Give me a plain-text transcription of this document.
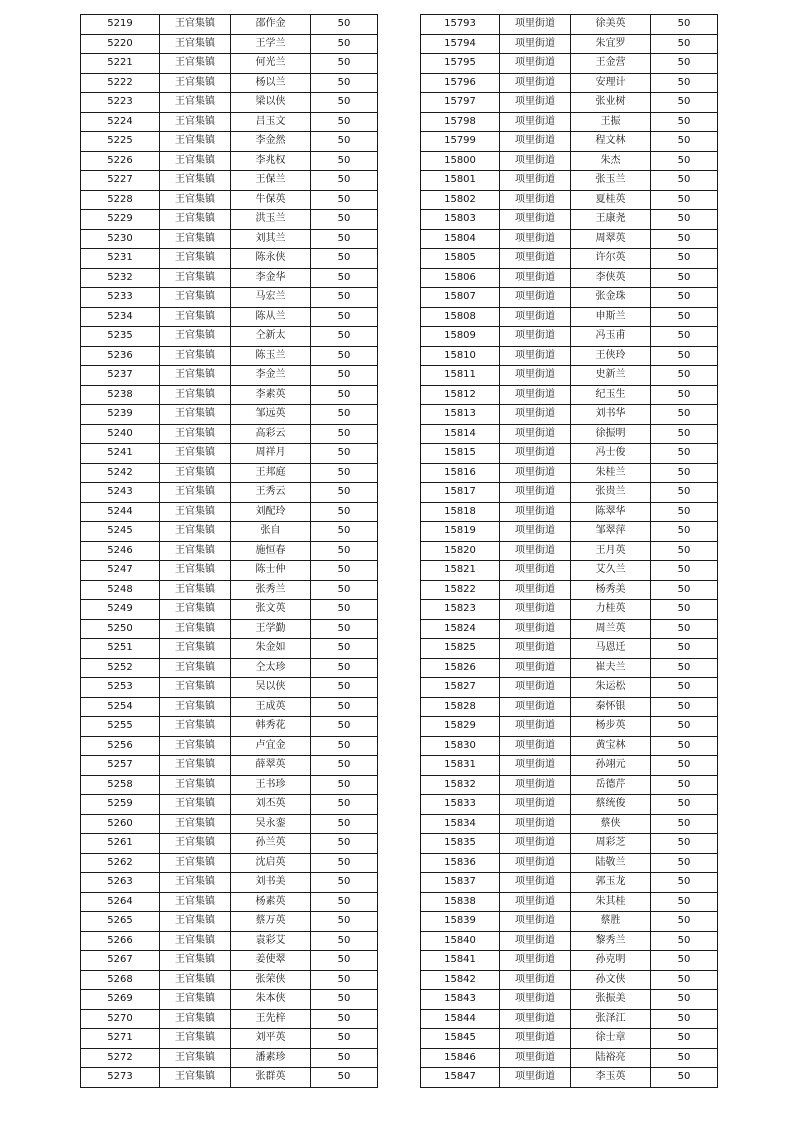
5219	王官集镇	邵作金	50
5220	王官集镇	王学兰	50
5221	王官集镇	何光兰	50
5222	王官集镇	杨以兰	50
5223	王官集镇	梁以侠	50
5224	王官集镇	吕玉文	50
5225	王官集镇	李金然	50
5226	王官集镇	李兆权	50
5227	王官集镇	王保兰	50
5228	王官集镇	牛保英	50
5229	王官集镇	洪玉兰	50
5230	王官集镇	刘其兰	50
5231	王官集镇	陈永侠	50
5232	王官集镇	李金华	50
5233	王官集镇	马宏兰	50
5234	王官集镇	陈从兰	50
5235	王官集镇	仝新太	50
5236	王官集镇	陈玉兰	50
5237	王官集镇	李金兰	50
5238	王官集镇	李素英	50
5239	王官集镇	邹远英	50
5240	王官集镇	高彩云	50
5241	王官集镇	周祥月	50
5242	王官集镇	王邦庭	50
5243	王官集镇	王秀云	50
5244	王官集镇	刘配玲	50
5245	王官集镇	张自	50
5246	王官集镇	施恒春	50
5247	王官集镇	陈士仲	50
5248	王官集镇	张秀兰	50
5249	王官集镇	张文英	50
5250	王官集镇	王学勤	50
5251	王官集镇	朱金如	50
5252	王官集镇	仝太珍	50
5253	王官集镇	吴以侠	50
5254	王官集镇	王成英	50
5255	王官集镇	韩秀花	50
5256	王官集镇	卢宜金	50
5257	王官集镇	薛翠英	50
5258	王官集镇	王书珍	50
5259	王官集镇	刘丕英	50
5260	王官集镇	吴永銮	50
5261	王官集镇	孙兰英	50
5262	王官集镇	沈启英	50
5263	王官集镇	刘书美	50
5264	王官集镇	杨素英	50
5265	王官集镇	蔡万英	50
5266	王官集镇	袁彩艾	50
5267	王官集镇	姜使翠	50
5268	王官集镇	张荣侠	50
5269	王官集镇	朱本侠	50
5270	王官集镇	王先梓	50
5271	王官集镇	刘平英	50
5272	王官集镇	潘素珍	50
5273	王官集镇	张群英	50
15793	项里街道	徐美英	50
15794	项里街道	朱宜罗	50
15795	项里街道	王金营	50
15796	项里街道	安理计	50
15797	项里街道	张业树	50
15798	项里街道	王振	50
15799	项里街道	程文林	50
15800	项里街道	朱杰	50
15801	项里街道	张玉兰	50
15802	项里街道	夏桂英	50
15803	项里街道	王康尧	50
15804	项里街道	周翠英	50
15805	项里街道	许尔英	50
15806	项里街道	李侠英	50
15807	项里街道	张金珠	50
15808	项里街道	申斯兰	50
15809	项里街道	冯玉甫	50
15810	项里街道	王侠玲	50
15811	项里街道	史新兰	50
15812	项里街道	纪玉生	50
15813	项里街道	刘书华	50
15814	项里街道	徐振明	50
15815	项里街道	冯士俊	50
15816	项里街道	朱桂兰	50
15817	项里街道	张贵兰	50
15818	项里街道	陈翠华	50
15819	项里街道	邹翠萍	50
15820	项里街道	王月英	50
15821	项里街道	艾久兰	50
15822	项里街道	杨秀美	50
15823	项里街道	力桂英	50
15824	项里街道	周兰英	50
15825	项里街道	马恩迁	50
15826	项里街道	崔夫兰	50
15827	项里街道	朱运松	50
15828	项里街道	秦怀银	50
15829	项里街道	杨步英	50
15830	项里街道	黄宝林	50
15831	项里街道	孙翊元	50
15832	项里街道	岳德芹	50
15833	项里街道	蔡统俊	50
15834	项里街道	蔡侠	50
15835	项里街道	周彩芝	50
15836	项里街道	陆敬兰	50
15837	项里街道	郭玉龙	50
15838	项里街道	朱其桂	50
15839	项里街道	蔡胜	50
15840	项里街道	黎秀兰	50
15841	项里街道	孙克明	50
15842	项里街道	孙文侠	50
15843	项里街道	张振美	50
15844	项里街道	张泽江	50
15845	项里街道	徐士章	50
15846	项里街道	陆裕亮	50
15847	项里街道	李玉英	50
